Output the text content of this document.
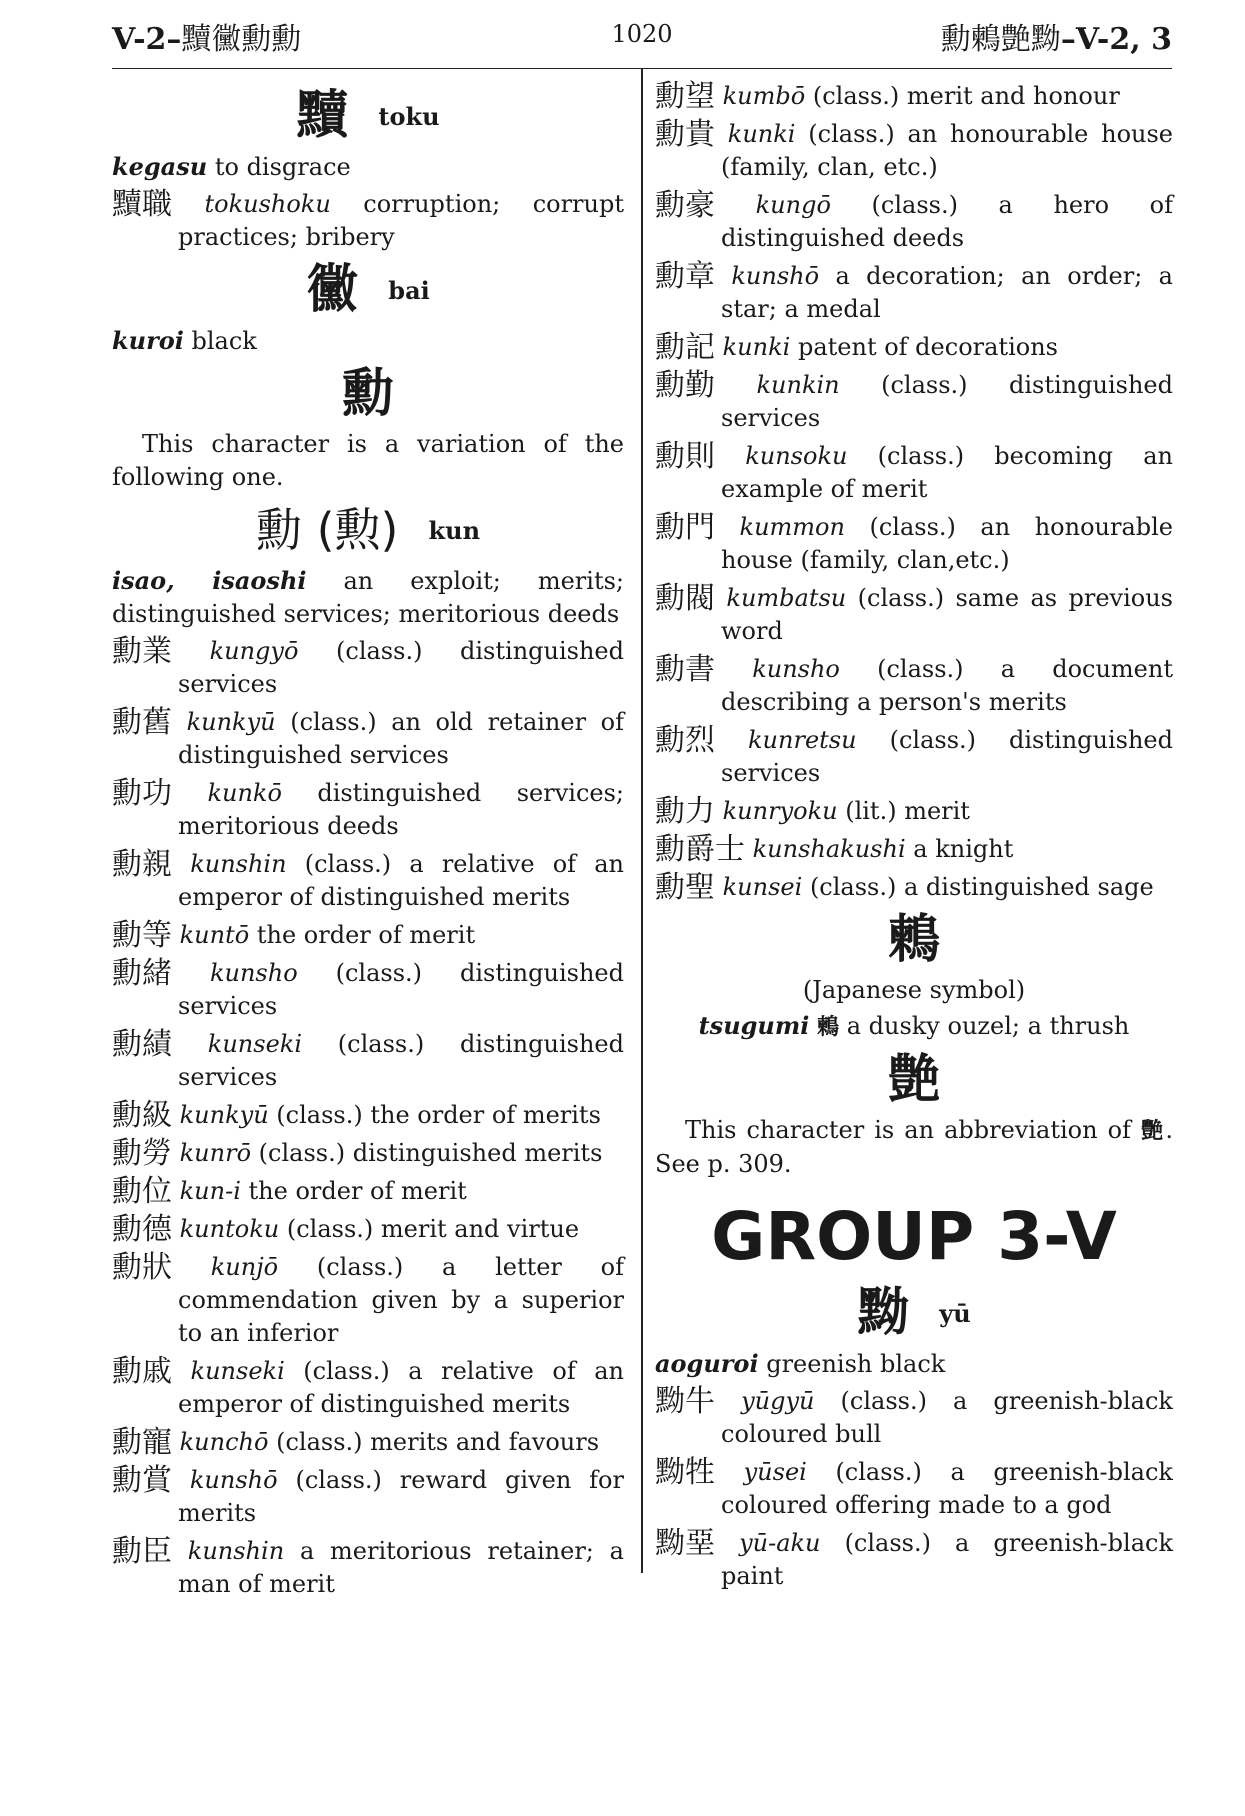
V-2–黷黴勳勳	1020	勳鶫艶黝–V-2, 3
黷 toku
kegasu to disgrace
黷職 tokushoku corruption; corrupt practices; bribery
黴 bai
kuroi black
勳
This character is a variation of the following one.
勳 (勲) kun
isao, isaoshi an exploit; merits; distinguished services; meritorious deeds
勳業 kungyō (class.) distinguished services
勳舊 kunkyū (class.) an old retainer of distinguished services
勳功 kunkō distinguished services; meritorious deeds
勳親 kunshin (class.) a relative of an emperor of distinguished merits
勳等 kuntō the order of merit
勳緒 kunsho (class.) distinguished services
勳績 kunseki (class.) distinguished services
勳級 kunkyū (class.) the order of merits
勳勞 kunrō (class.) distinguished merits
勳位 kun-i the order of merit
勳德 kuntoku (class.) merit and virtue
勳狀 kunjō (class.) a letter of commendation given by a superior to an inferior
勳戚 kunseki (class.) a relative of an emperor of distinguished merits
勳寵 kunchō (class.) merits and favours
勳賞 kunshō (class.) reward given for merits
勳臣 kunshin a meritorious retainer; a man of merit
勳望 kumbō (class.) merit and honour
勳貴 kunki (class.) an honourable house (family, clan, etc.)
勳豪 kungō (class.) a hero of distinguished deeds
勳章 kunshō a decoration; an order; a star; a medal
勳記 kunki patent of decorations
勳勤 kunkin (class.) distinguished services
勳則 kunsoku (class.) becoming an example of merit
勳門 kummon (class.) an honourable house (family, clan,etc.)
勳閥 kumbatsu (class.) same as previous word
勳書 kunsho (class.) a document describing a person's merits
勳烈 kunretsu (class.) distinguished services
勳力 kunryoku (lit.) merit
勳爵士 kunshakushi a knight
勳聖 kunsei (class.) a distinguished sage
鶫
(Japanese symbol)
tsugumi 鶫 a dusky ouzel; a thrush
艶
This character is an abbreviation of 艷. See p. 309.
GROUP 3-V
黝 yū
aoguroi greenish black
黝牛 yūgyū (class.) a greenish-black coloured bull
黝牲 yūsei (class.) a greenish-black coloured offering made to a god
黝堊 yū-aku (class.) a greenish-black paint
